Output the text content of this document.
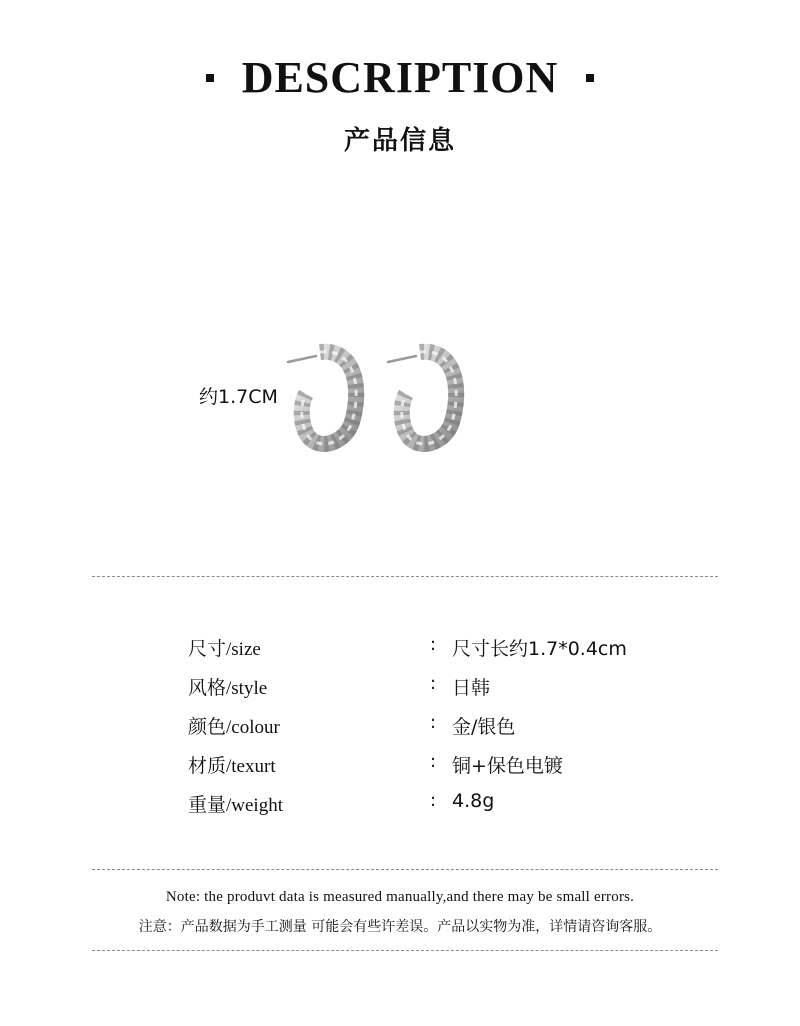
DESCRIPTION
产品信息
约1.7CM
尺寸/size	: 尺寸长约1.7*0.4cm
风格/style	: 日韩
颜色/colour	: 金/银色
材质/texurt	: 铜+保色电镀
重量/weight	: 4.8g
Note: the produvt data is measured manually,and there may be small errors.
注意：产品数据为手工测量 可能会有些许差误。产品以实物为准，详情请咨询客服。
